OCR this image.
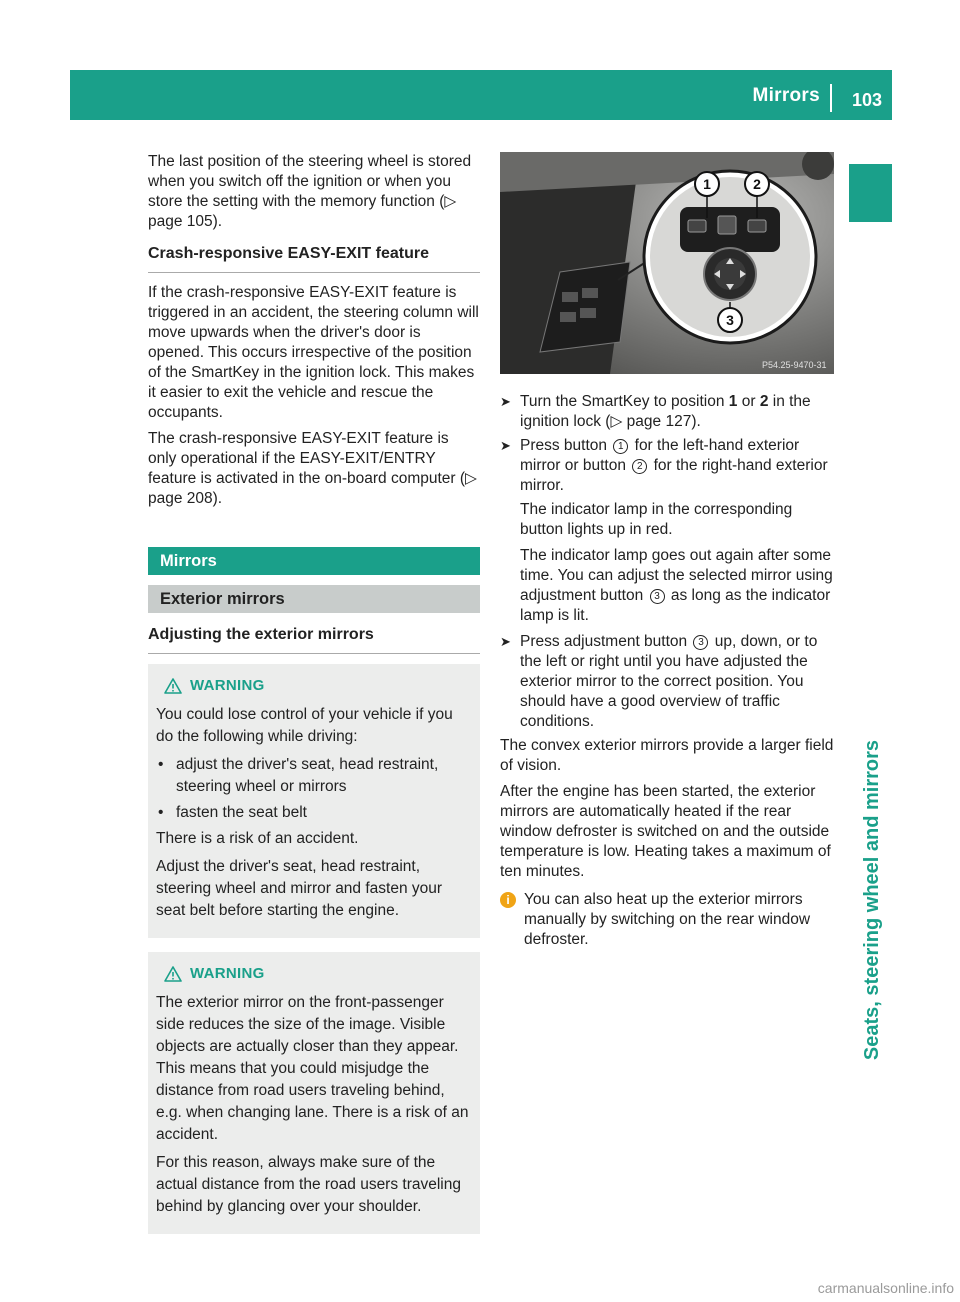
Mirrors 103
Seats, steering wheel and mirrors

The last position of the steering wheel is stored when you switch off the ignition or when you store the setting with the memory function (▷ page 105).

Crash-responsive EASY-EXIT feature

If the crash-responsive EASY-EXIT feature is triggered in an accident, the steering column will move upwards when the driver's door is opened. This occurs irrespective of the position of the SmartKey in the ignition lock. This makes it easier to exit the vehicle and rescue the occupants.

The crash-responsive EASY-EXIT feature is only operational if the EASY-EXIT/ENTRY feature is activated in the on-board computer (▷ page 208).

Mirrors
Exterior mirrors
Adjusting the exterior mirrors
WARNING

You could lose control of your vehicle if you do the following while driving:

• adjust the driver's seat, head restraint, steering wheel or mirrors
• fasten the seat belt

There is a risk of an accident.

Adjust the driver's seat, head restraint, steering wheel and mirror and fasten your seat belt before starting the engine.

WARNING

The exterior mirror on the front-passenger side reduces the size of the image. Visible objects are actually closer than they appear. This means that you could misjudge the distance from road users traveling behind, e.g. when changing lane. There is a risk of an accident.

For this reason, always make sure of the actual distance from the road users traveling behind by glancing over your shoulder.

1	2
3
P54.25-9470-31
➤ Turn the SmartKey to position 1 or 2 in the ignition lock (▷ page 127).
➤ Press button 1 for the left-hand exterior mirror or button 2 for the right-hand exterior mirror.

The indicator lamp in the corresponding button lights up in red.

The indicator lamp goes out again after some time. You can adjust the selected mirror using adjustment button 3 as long as the indicator lamp is lit.

➤ Press adjustment button 3 up, down, or to the left or right until you have adjusted the exterior mirror to the correct position. You should have a good overview of traffic conditions.

The convex exterior mirrors provide a larger field of vision.

After the engine has been started, the exterior mirrors are automatically heated if the rear window defroster is switched on and the outside temperature is low. Heating takes a maximum of ten minutes.

i You can also heat up the exterior mirrors manually by switching on the rear window defroster.
carmanualsonline.info
